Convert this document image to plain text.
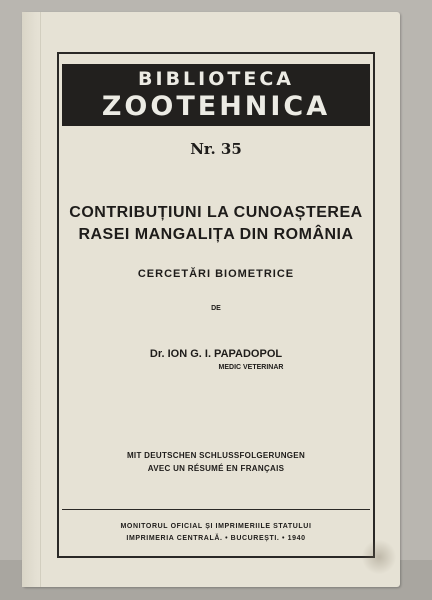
BIBLIOTECA
ZOOTEHNICA
Nr. 35
CONTRIBUȚIUNI LA CUNOAȘTEREA
RASEI MANGALIȚA DIN ROMÂNIA
CERCETĂRI BIOMETRICE
DE
Dr. ION G. I. PAPADOPOL
MEDIC VETERINAR
MIT DEUTSCHEN SCHLUSSFOLGERUNGEN
AVEC UN RÉSUMÉ EN FRANÇAIS
MONITORUL OFICIAL ȘI IMPRIMERIILE STATULUI
IMPRIMERIA CENTRALĂ. • BUCUREȘTI. • 1940
